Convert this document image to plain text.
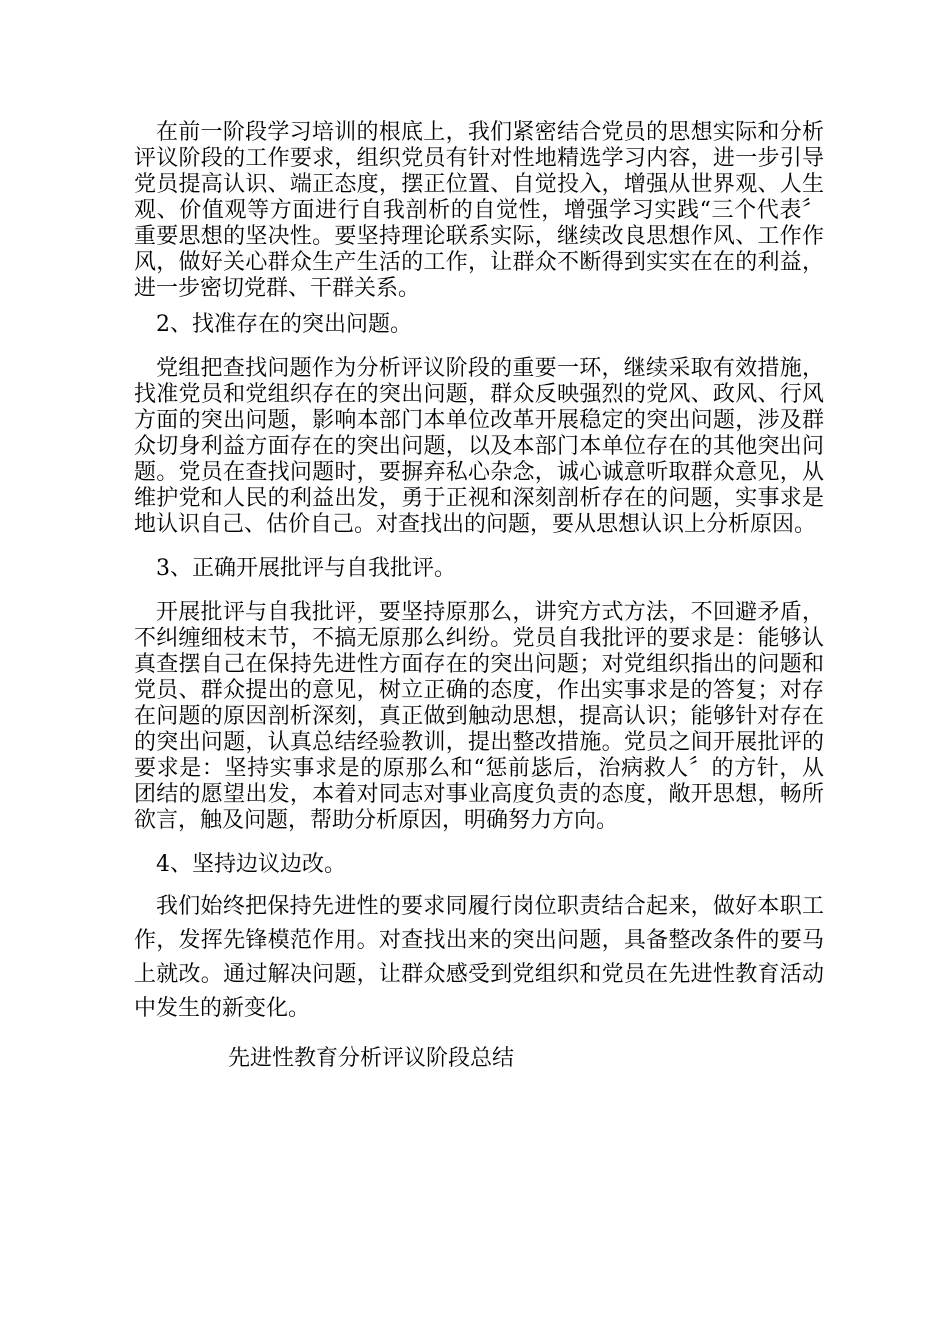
在前一阶段学习培训的根底上，我们紧密结合党员的思想实际和分析评议阶段的工作要求，组织党员有针对性地精选学习内容，进一步引导党员提高认识、端正态度，摆正位置、自觉投入，增强从世界观、人生观、价值观等方面进行自我剖析的自觉性，增强学习实践“三个代表〞重要思想的坚决性。要坚持理论联系实际，继续改良思想作风、工作作风，做好关心群众生产生活的工作，让群众不断得到实实在在的利益，进一步密切党群、干群关系。

2、找准存在的突出问题。

党组把查找问题作为分析评议阶段的重要一环，继续采取有效措施，找准党员和党组织存在的突出问题，群众反映强烈的党风、政风、行风方面的突出问题，影响本部门本单位改革开展稳定的突出问题，涉及群众切身利益方面存在的突出问题，以及本部门本单位存在的其他突出问题。党员在查找问题时，要摒弃私心杂念，诚心诚意听取群众意见，从维护党和人民的利益出发，勇于正视和深刻剖析存在的问题，实事求是地认识自己、估价自己。对查找出的问题，要从思想认识上分析原因。

3、正确开展批评与自我批评。

开展批评与自我批评，要坚持原那么，讲究方式方法，不回避矛盾，不纠缠细枝末节，不搞无原那么纠纷。党员自我批评的要求是：能够认真查摆自己在保持先进性方面存在的突出问题；对党组织指出的问题和党员、群众提出的意见，树立正确的态度，作出实事求是的答复；对存在问题的原因剖析深刻，真正做到触动思想，提高认识；能够针对存在的突出问题，认真总结经验教训，提出整改措施。党员之间开展批评的要求是：坚持实事求是的原那么和“惩前毖后，治病救人〞的方针，从团结的愿望出发，本着对同志对事业高度负责的态度，敞开思想，畅所欲言，触及问题，帮助分析原因，明确努力方向。

4、坚持边议边改。

我们始终把保持先进性的要求同履行岗位职责结合起来，做好本职工作，发挥先锋模范作用。对查找出来的突出问题，具备整改条件的要马上就改。通过解决问题，让群众感受到党组织和党员在先进性教育活动中发生的新变化。

先进性教育分析评议阶段总结
